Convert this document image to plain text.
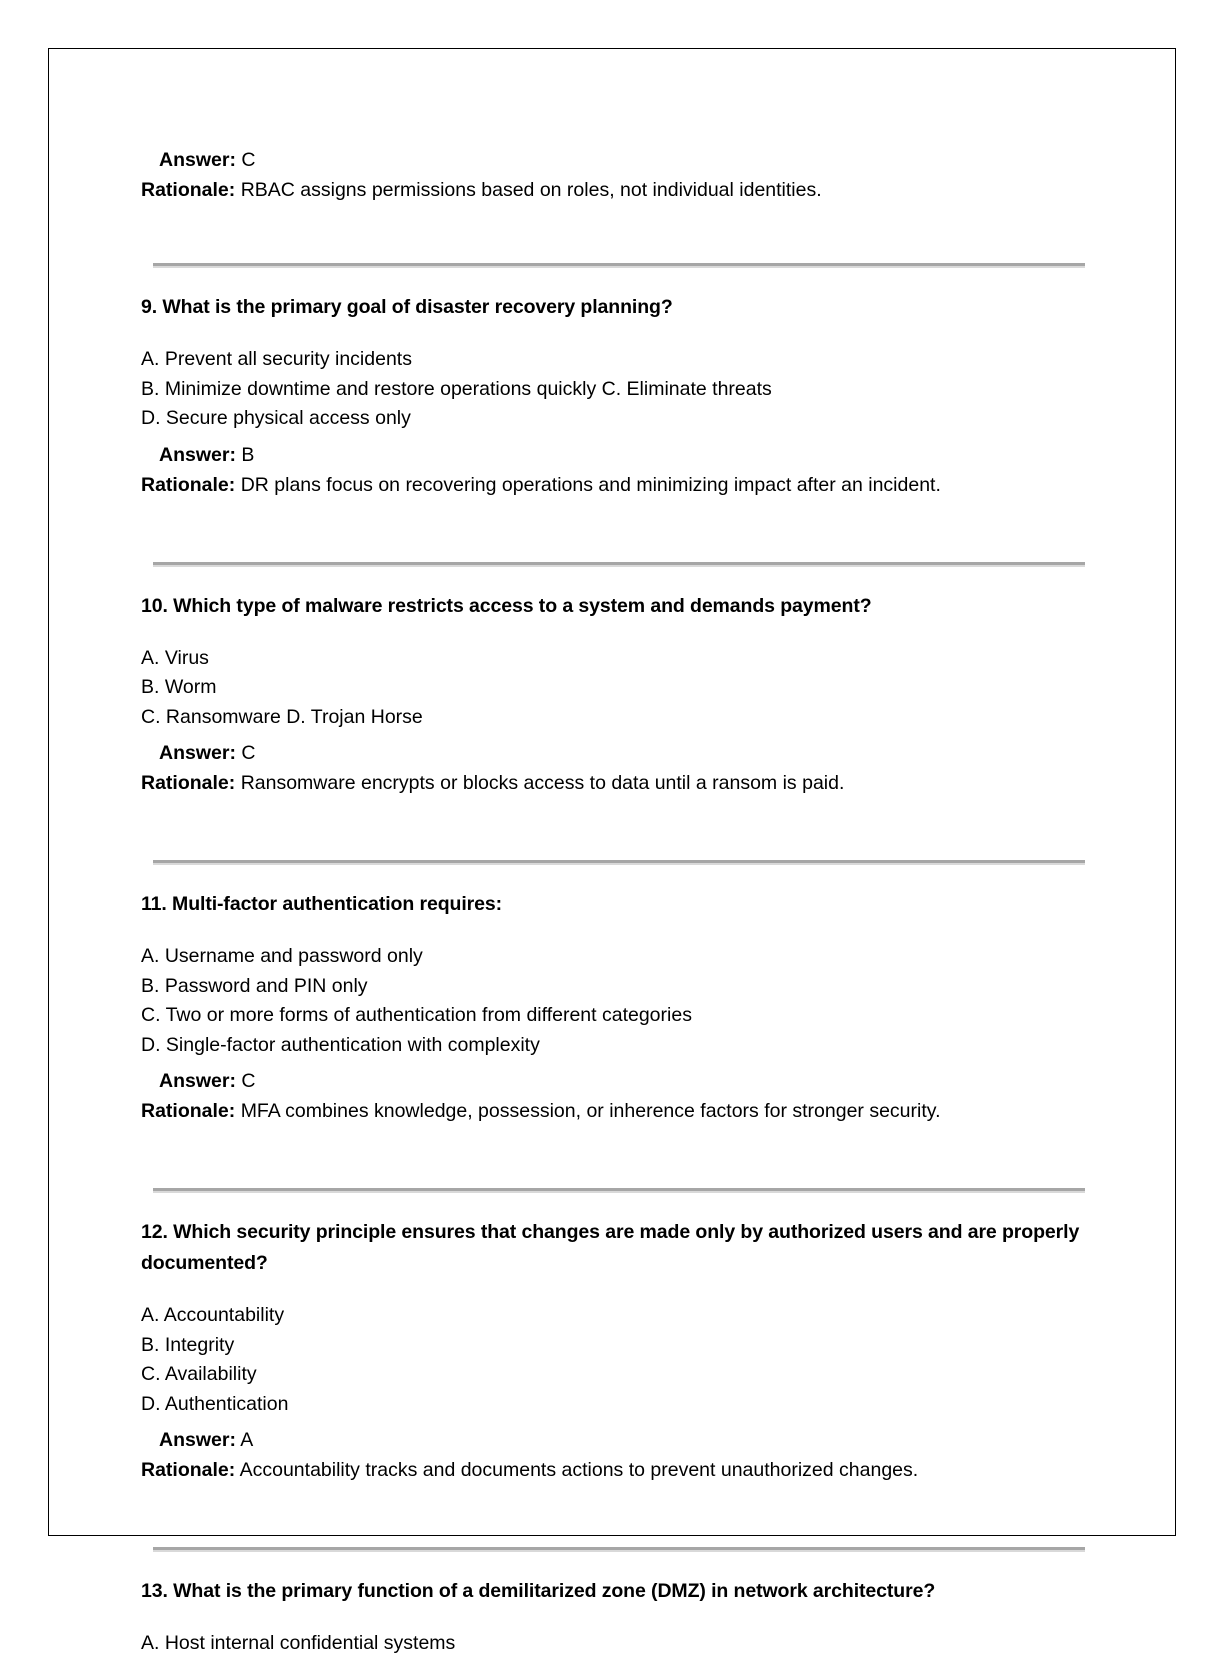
Answer: C
Rationale: RBAC assigns permissions based on roles, not individual identities.
9. What is the primary goal of disaster recovery planning?
A. Prevent all security incidents
B. Minimize downtime and restore operations quickly C. Eliminate threats
D. Secure physical access only
Answer: B
Rationale: DR plans focus on recovering operations and minimizing impact after an incident.
10. Which type of malware restricts access to a system and demands payment?
A. Virus
B. Worm
C. Ransomware D. Trojan Horse
Answer: C
Rationale: Ransomware encrypts or blocks access to data until a ransom is paid.
11. Multi-factor authentication requires:
A. Username and password only
B. Password and PIN only
C. Two or more forms of authentication from different categories
D. Single-factor authentication with complexity
Answer: C
Rationale: MFA combines knowledge, possession, or inherence factors for stronger security.
12. Which security principle ensures that changes are made only by authorized users and are properly documented?
A. Accountability
B. Integrity
C. Availability
D. Authentication
Answer: A
Rationale: Accountability tracks and documents actions to prevent unauthorized changes.
13. What is the primary function of a demilitarized zone (DMZ) in network architecture?
A. Host internal confidential systems
